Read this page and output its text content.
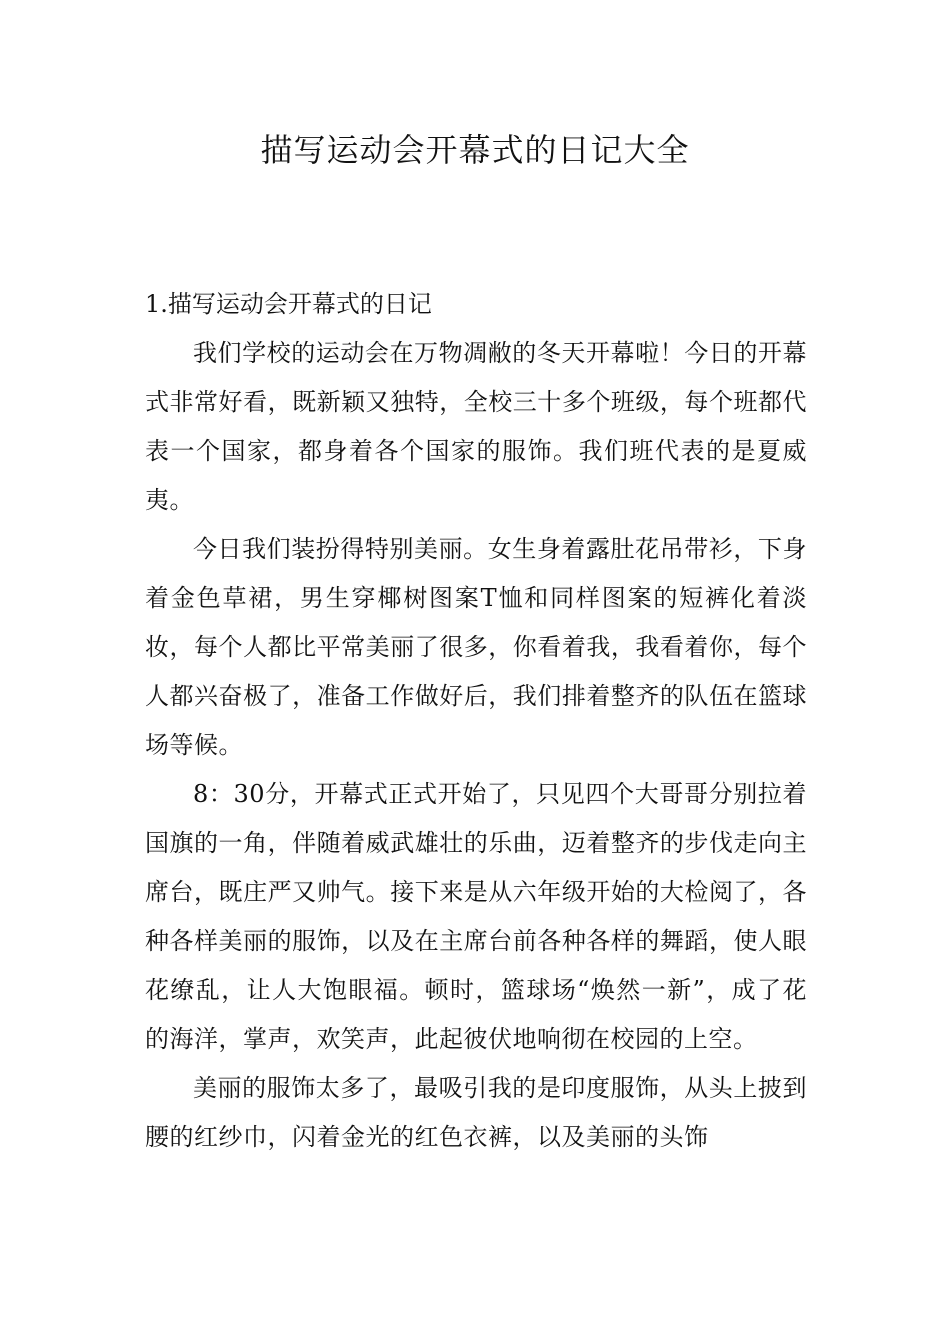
描写运动会开幕式的日记大全
1.描写运动会开幕式的日记

我们学校的运动会在万物凋敝的冬天开幕啦！今日的开幕式非常好看，既新颖又独特，全校三十多个班级，每个班都代表一个国家，都身着各个国家的服饰。我们班代表的是夏威夷。

今日我们装扮得特别美丽。女生身着露肚花吊带衫，下身着金色草裙，男生穿椰树图案T恤和同样图案的短裤化着淡妆，每个人都比平常美丽了很多，你看着我，我看着你，每个人都兴奋极了，准备工作做好后，我们排着整齐的队伍在篮球场等候。

8：30分，开幕式正式开始了，只见四个大哥哥分别拉着国旗的一角，伴随着威武雄壮的乐曲，迈着整齐的步伐走向主席台，既庄严又帅气。接下来是从六年级开始的大检阅了，各种各样美丽的服饰，以及在主席台前各种各样的舞蹈，使人眼花缭乱，让人大饱眼福。顿时，篮球场“焕然一新”，成了花的海洋，掌声，欢笑声，此起彼伏地响彻在校园的上空。

美丽的服饰太多了，最吸引我的是印度服饰，从头上披到腰的红纱巾，闪着金光的红色衣裤，以及美丽的头饰
